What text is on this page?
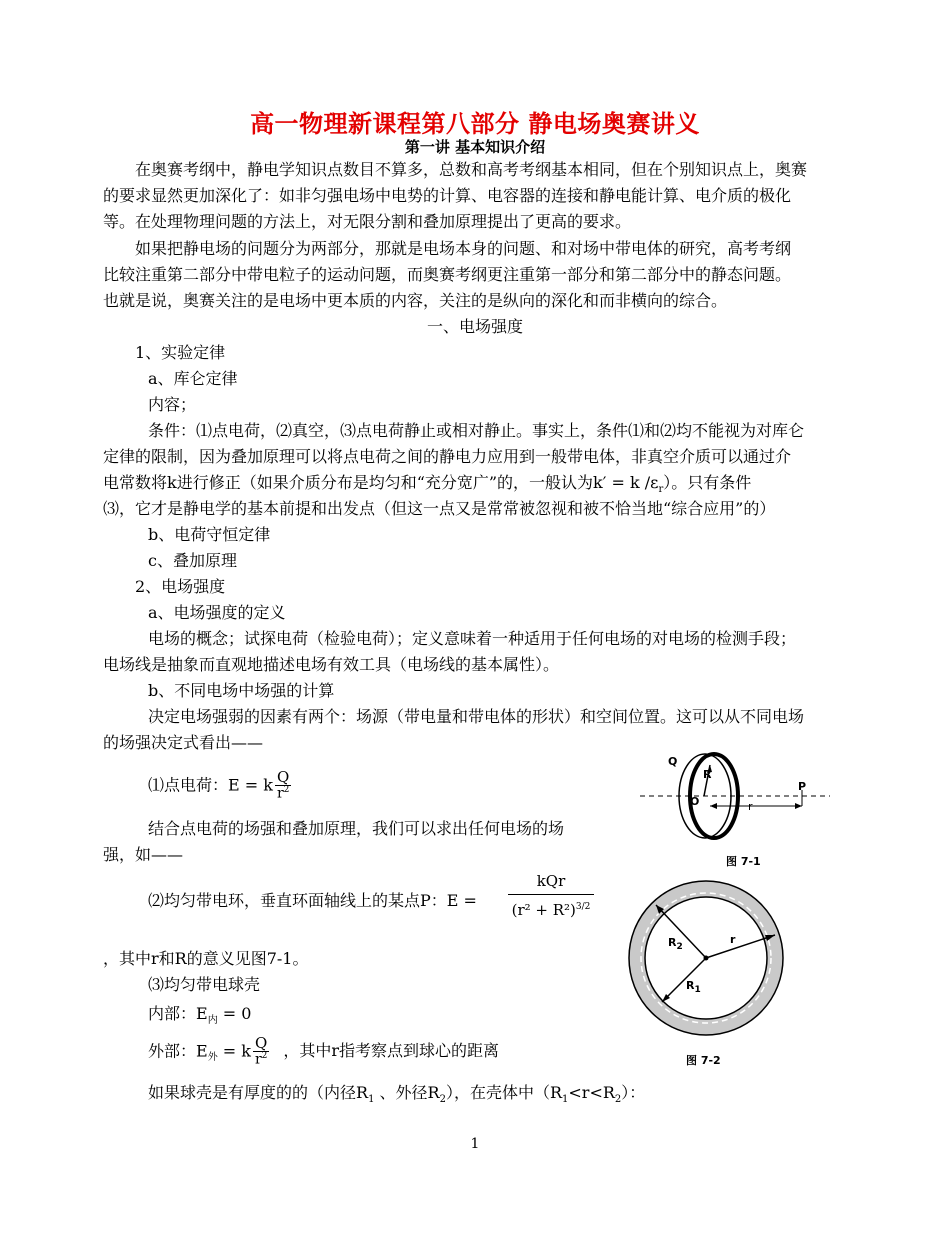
高一物理新课程第八部分 静电场奥赛讲义
第一讲 基本知识介绍
在奥赛考纲中，静电学知识点数目不算多，总数和高考考纲基本相同，但在个别知识点上，奥赛
的要求显然更加深化了：如非匀强电场中电势的计算、电容器的连接和静电能计算、电介质的极化
等。在处理物理问题的方法上，对无限分割和叠加原理提出了更高的要求。
如果把静电场的问题分为两部分，那就是电场本身的问题、和对场中带电体的研究，高考考纲
比较注重第二部分中带电粒子的运动问题，而奥赛考纲更注重第一部分和第二部分中的静态问题。
也就是说，奥赛关注的是电场中更本质的内容，关注的是纵向的深化和而非横向的综合。
一、电场强度
1、实验定律
a、库仑定律
内容；
条件：⑴点电荷，⑵真空，⑶点电荷静止或相对静止。事实上，条件⑴和⑵均不能视为对库仑
定律的限制，因为叠加原理可以将点电荷之间的静电力应用到一般带电体，非真空介质可以通过介
电常数将k进行修正（如果介质分布是均匀和“充分宽广”的，一般认为k′ = k $/\varepsilon_r$）。只有条件
⑶，它才是静电学的基本前提和出发点（但这一点又是常常被忽视和被不恰当地“综合应用”的）
b、电荷守恒定律
c、叠加原理
2、电场强度
a、电场强度的定义
电场的概念；试探电荷（检验电荷）；定义意味着一种适用于任何电场的对电场的检测手段；
电场线是抽象而直观地描述电场有效工具（电场线的基本属性）。
b、不同电场中场强的计算
决定电场强弱的因素有两个：场源（带电量和带电体的形状）和空间位置。这可以从不同电场
的场强决定式看出——
⑴点电荷：E = k $\frac{Q}{r^2}$
结合点电荷的场强和叠加原理，我们可以求出任何电场的场
强，如——
⑵均匀带电环，垂直环面轴线上的某点P：E =
kQr
$(r^2 + R^2)^{3/2}$
，其中r和R的意义见图7-1。
⑶均匀带电球壳
内部：$E_内 = 0$
外部：$E_外 = k \frac{Q}{r^2}$ ，其中r指考察点到球心的距离
如果球壳是有厚度的的（内径$R_1$ 、外径$R_2$），在壳体中$(R_1<r<R_2)$：
Q
R
O
P
r
图 7-1
$R_2$
$R_1$
r
图 7-2
1
